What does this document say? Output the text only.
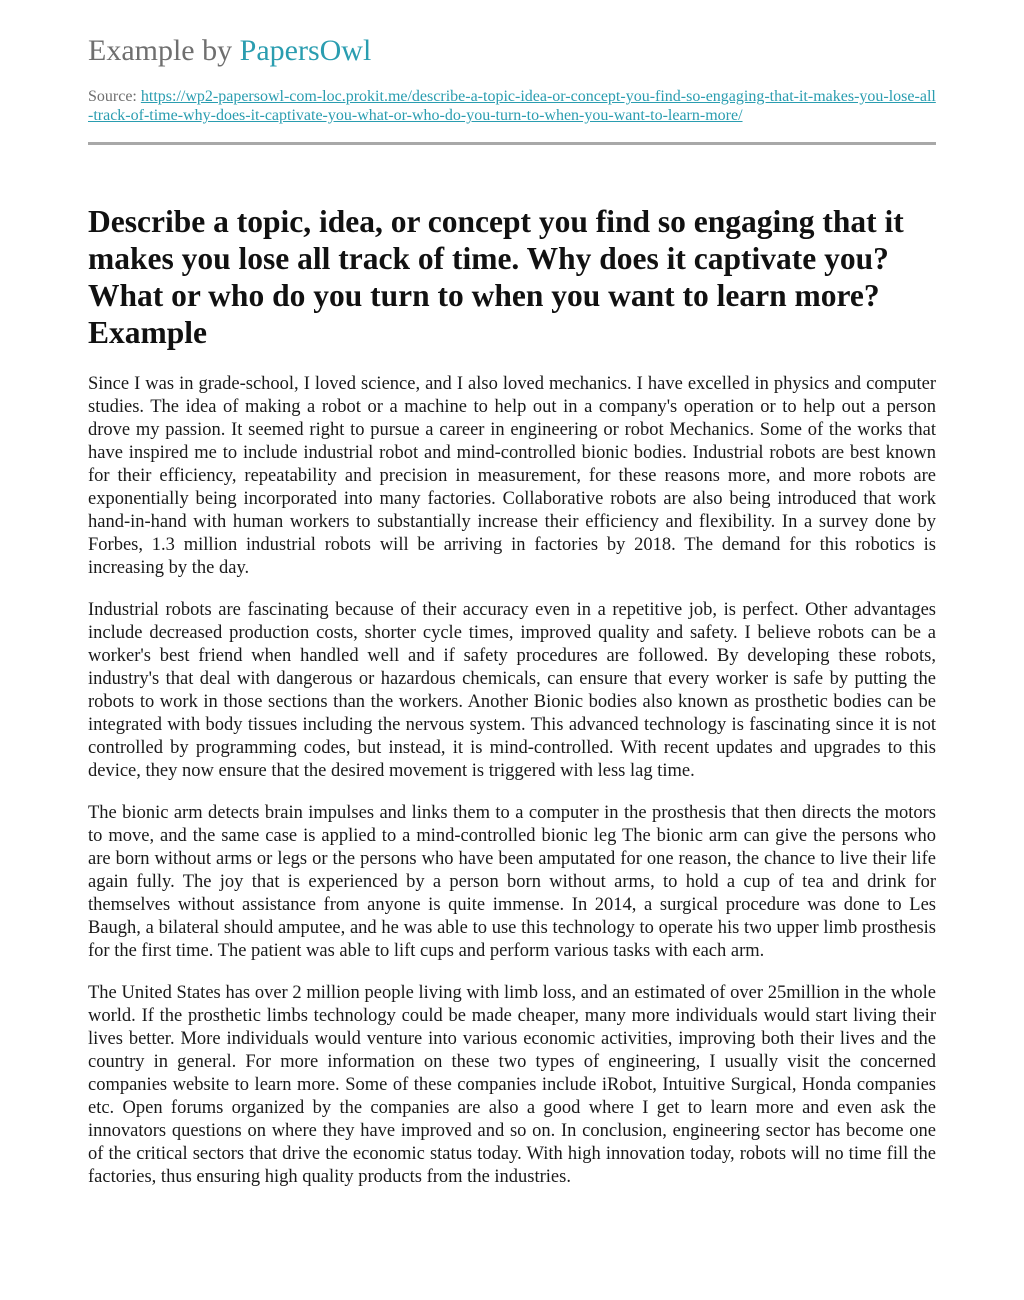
Example by PapersOwl
Source: https://wp2-papersowl-com-loc.prokit.me/describe-a-topic-idea-or-concept-you-find-so-engaging-that-it-makes-you-lose-all-track-of-time-why-does-it-captivate-you-what-or-who-do-you-turn-to-when-you-want-to-learn-more/
Describe a topic, idea, or concept you find so engaging that it makes you lose all track of time. Why does it captivate you? What or who do you turn to when you want to learn more? Example

Since I was in grade-school, I loved science, and I also loved mechanics. I have excelled in physics and computer studies. The idea of making a robot or a machine to help out in a company's operation or to help out a person drove my passion. It seemed right to pursue a career in engineering or robot Mechanics. Some of the works that have inspired me to include industrial robot and mind-controlled bionic bodies. Industrial robots are best known for their efficiency, repeatability and precision in measurement, for these reasons more, and more robots are exponentially being incorporated into many factories. Collaborative robots are also being introduced that work hand-in-hand with human workers to substantially increase their efficiency and flexibility. In a survey done by Forbes, 1.3 million industrial robots will be arriving in factories by 2018. The demand for this robotics is increasing by the day.

Industrial robots are fascinating because of their accuracy even in a repetitive job, is perfect. Other advantages include decreased production costs, shorter cycle times, improved quality and safety. I believe robots can be a worker's best friend when handled well and if safety procedures are followed. By developing these robots, industry's that deal with dangerous or hazardous chemicals, can ensure that every worker is safe by putting the robots to work in those sections than the workers. Another Bionic bodies also known as prosthetic bodies can be integrated with body tissues including the nervous system. This advanced technology is fascinating since it is not controlled by programming codes, but instead, it is mind-controlled. With recent updates and upgrades to this device, they now ensure that the desired movement is triggered with less lag time.

The bionic arm detects brain impulses and links them to a computer in the prosthesis that then directs the motors to move, and the same case is applied to a mind-controlled bionic leg The bionic arm can give the persons who are born without arms or legs or the persons who have been amputated for one reason, the chance to live their life again fully. The joy that is experienced by a person born without arms, to hold a cup of tea and drink for themselves without assistance from anyone is quite immense. In 2014, a surgical procedure was done to Les Baugh, a bilateral should amputee, and he was able to use this technology to operate his two upper limb prosthesis for the first time. The patient was able to lift cups and perform various tasks with each arm.

The United States has over 2 million people living with limb loss, and an estimated of over 25million in the whole world. If the prosthetic limbs technology could be made cheaper, many more individuals would start living their lives better. More individuals would venture into various economic activities, improving both their lives and the country in general. For more information on these two types of engineering, I usually visit the concerned companies website to learn more. Some of these companies include iRobot, Intuitive Surgical, Honda companies etc. Open forums organized by the companies are also a good where I get to learn more and even ask the innovators questions on where they have improved and so on. In conclusion, engineering sector has become one of the critical sectors that drive the economic status today. With high innovation today, robots will no time fill the factories, thus ensuring high quality products from the industries.
